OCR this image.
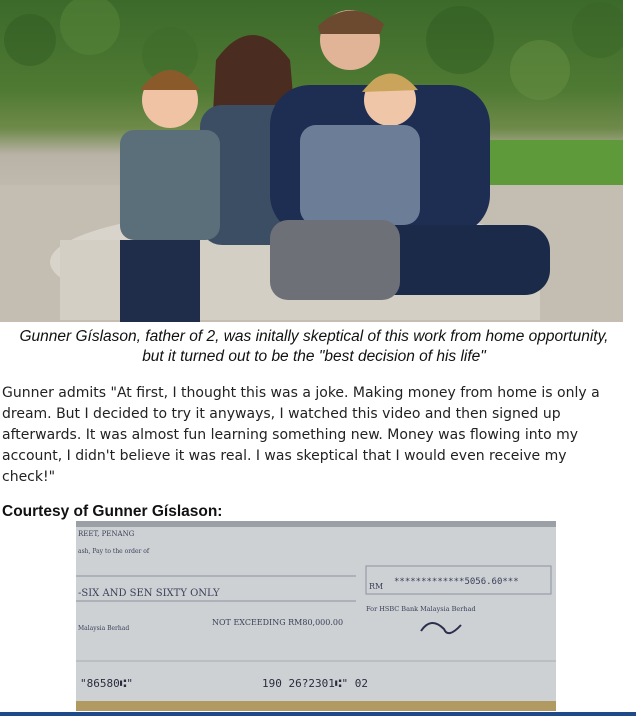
Gunner Gíslason, father of 2, was initally skeptical of this work from home opportunity,
but it turned out to be the "best decision of his life"
Gunner admits "At first, I thought this was a joke. Making money from home is only a
dream. But I decided to try it anyways, I watched this video and then signed up
afterwards. It was almost fun learning something new. Money was flowing into my
account, I didn't believe it was real. I was skeptical that I would even receive my
check!"
Courtesy of Gunner Gíslason:
REET, PENANG
ash, Pay to the order of
-SIX AND SEN SIXTY ONLY
RM *************5056.60***
For HSBC Bank Malaysia Berhad
NOT EXCEEDING RM80,000.00
Malaysia Berhad
"86580⑆"	190 26?2301⑆" 02
